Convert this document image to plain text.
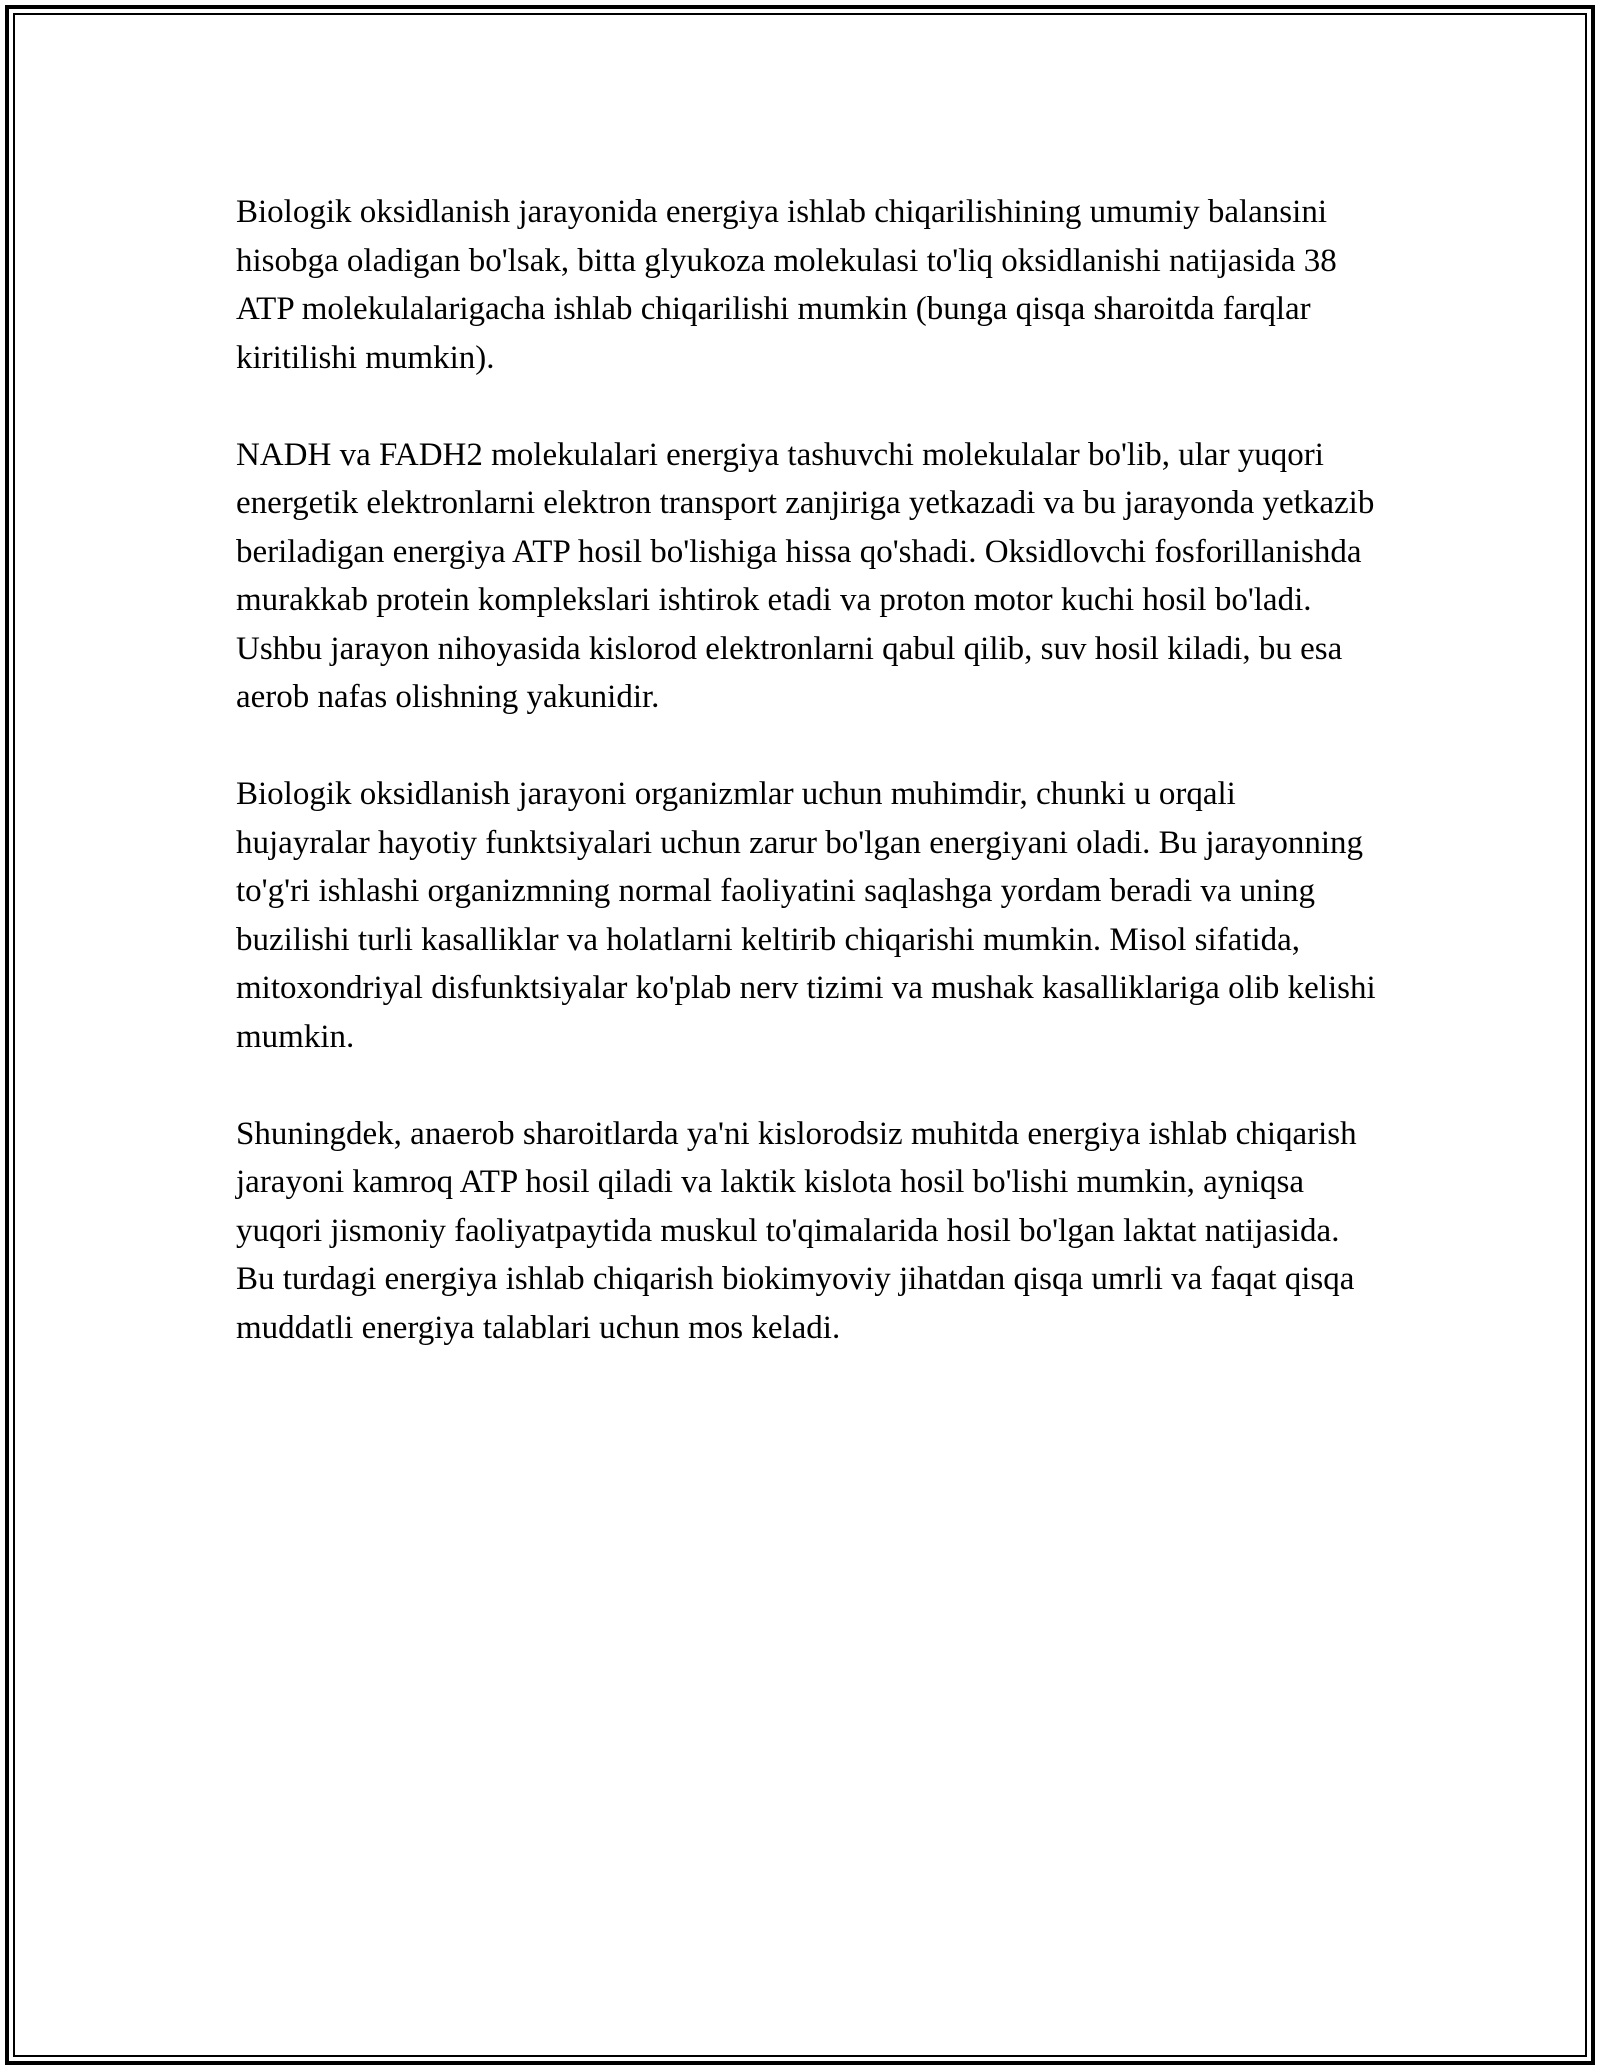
Biologik oksidlanish jarayonida energiya ishlab chiqarilishining umumiy balansini hisobga oladigan bo'lsak, bitta glyukoza molekulasi to'liq oksidlanishi natijasida 38 ATP molekulalarigacha ishlab chiqarilishi mumkin (bunga qisqa sharoitda farqlar kiritilishi mumkin).

NADH va FADH2 molekulalari energiya tashuvchi molekulalar bo'lib, ular yuqori energetik elektronlarni elektron transport zanjiriga yetkazadi va bu jarayonda yetkazib beriladigan energiya ATP hosil bo'lishiga hissa qo'shadi. Oksidlovchi fosforillanishda murakkab protein komplekslari ishtirok etadi va proton motor kuchi hosil bo'ladi. Ushbu jarayon nihoyasida kislorod elektronlarni qabul qilib, suv hosil kiladi, bu esa aerob nafas olishning yakunidir.

Biologik oksidlanish jarayoni organizmlar uchun muhimdir, chunki u orqali hujayralar hayotiy funktsiyalari uchun zarur bo'lgan energiyani oladi. Bu jarayonning to'g'ri ishlashi organizmning normal faoliyatini saqlashga yordam beradi va uning buzilishi turli kasalliklar va holatlarni keltirib chiqarishi mumkin. Misol sifatida, mitoxondriyal disfunktsiyalar ko'plab nerv tizimi va mushak kasalliklariga olib kelishi mumkin.

Shuningdek, anaerob sharoitlarda ya'ni kislorodsiz muhitda energiya ishlab chiqarish jarayoni kamroq ATP hosil qiladi va laktik kislota hosil bo'lishi mumkin, ayniqsa yuqori jismoniy faoliyatpaytida muskul to'qimalarida hosil bo'lgan laktat natijasida. Bu turdagi energiya ishlab chiqarish biokimyoviy jihatdan qisqa umrli va faqat qisqa muddatli energiya talablari uchun mos keladi.
